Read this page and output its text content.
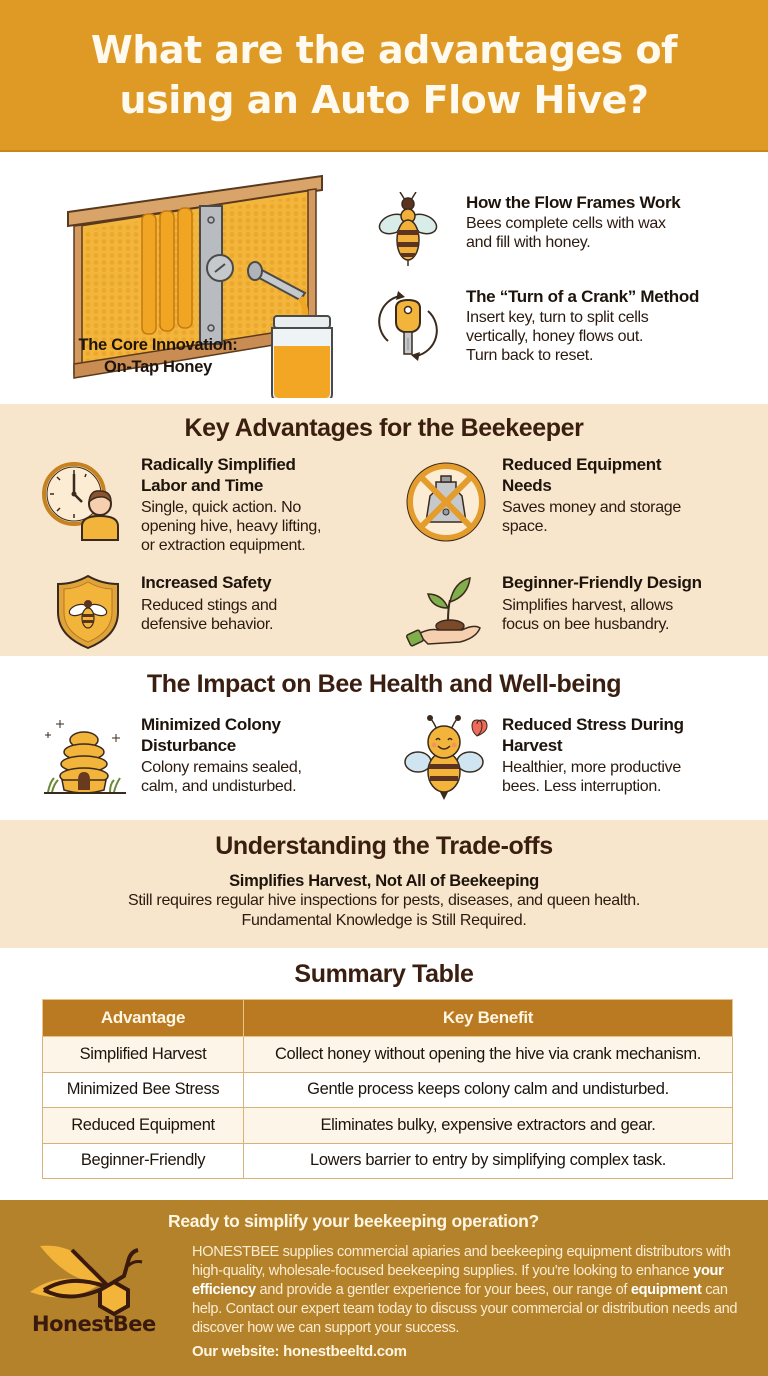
What are the advantages of using an Auto Flow Hive?
The Core Innovation:
On-Tap Honey
How the Flow Frames Work
Bees complete cells with wax
and fill with honey.
The “Turn of a Crank” Method
Insert key, turn to split cells
vertically, honey flows out.
Turn back to reset.
Key Advantages for the Beekeeper
Radically Simplified
Labor and Time
Single, quick action. No
opening hive, heavy lifting,
or extraction equipment.
Reduced Equipment
Needs
Saves money and storage
space.
Increased Safety
Reduced stings and
defensive behavior.
Beginner-Friendly Design
Simplifies harvest, allows
focus on bee husbandry.
The Impact on Bee Health and Well-being
Minimized Colony
Disturbance
Colony remains sealed,
calm, and undisturbed.
Reduced Stress During
Harvest
Healthier, more productive
bees. Less interruption.
Understanding the Trade-offs
Simplifies Harvest, Not All of Beekeeping
Still requires regular hive inspections for pests, diseases, and queen health.
Fundamental Knowledge is Still Required.
Summary Table
Advantage	Key Benefit
Simplified Harvest	Collect honey without opening the hive via crank mechanism.
Minimized Bee Stress	Gentle process keeps colony calm and undisturbed.
Reduced Equipment	Eliminates bulky, expensive extractors and gear.
Beginner-Friendly	Lowers barrier to entry by simplifying complex task.
HonestBee
Ready to simplify your beekeeping operation?
HONESTBEE supplies commercial apiaries and beekeeping equipment distributors with high-quality, wholesale-focused beekeeping supplies. If you're looking to enhance your efficiency and provide a gentler experience for your bees, our range of equipment can help. Contact our expert team today to discuss your commercial or distribution needs and discover how we can support your success.
Our website: honestbeeltd.com
